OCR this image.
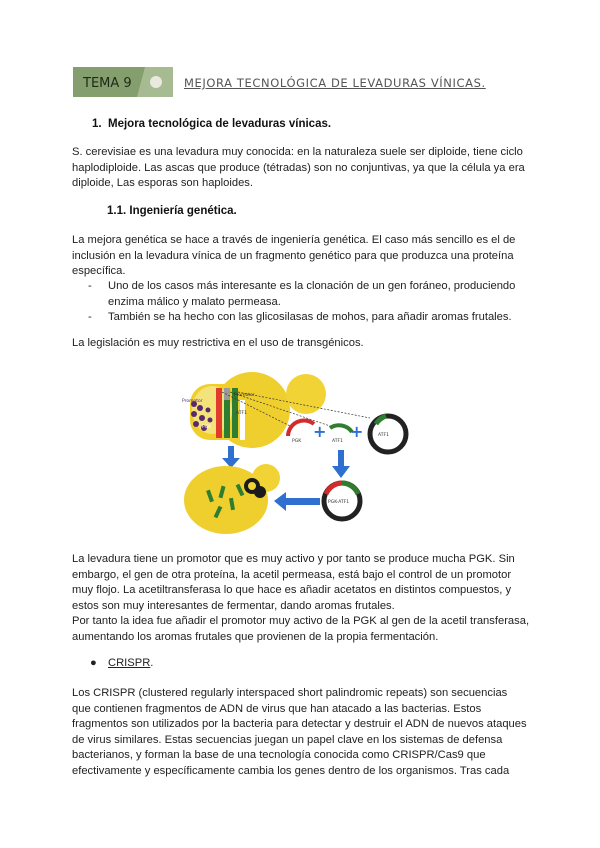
TEMA 9	MEJORA TECNOLÓGICA DE LEVADURAS VÍNICAS.
1. Mejora tecnológica de levaduras vínicas.

S. cerevisiae es una levadura muy conocida: en la naturaleza suele ser diploide, tiene ciclo
haplodiploide. Las ascas que produce (tétradas) son no conjuntivas, ya que la célula ya era
diploide, Las esporas son haploides.

1.1. Ingeniería genética.

La mejora genética se hace a través de ingeniería genética. El caso más sencillo es el de
inclusión en la levadura vínica de un fragmento genético para que produzca una proteína
específica.

- Uno de los casos más interesante es la clonación de un gen foráneo, produciendo
enzima málico y malato permeasa.
- También se ha hecho con las glicosilasas de mohos, para añadir aromas frutales.

La legislación es muy restrictiva en el uso de transgénicos.

Promotor
Promotor
PGK
ATF1
+ +
PGK	ATF1
ATF1
PGK-ATF1

La levadura tiene un promotor que es muy activo y por tanto se produce mucha PGK. Sin
embargo, el gen de otra proteína, la acetil permeasa, está bajo el control de un promotor
muy flojo. La acetiltransferasa lo que hace es añadir acetatos en distintos compuestos, y
estos son muy interesantes de fermentar, dando aromas frutales.
Por tanto la idea fue añadir el promotor muy activo de la PGK al gen de la acetil transferasa,
aumentando los aromas frutales que provienen de la propia fermentación.

● CRISPR.

Los CRISPR (clustered regularly interspaced short palindromic repeats) son secuencias
que contienen fragmentos de ADN de virus que han atacado a las bacterias. Estos
fragmentos son utilizados por la bacteria para detectar y destruir el ADN de nuevos ataques
de virus similares. Estas secuencias juegan un papel clave en los sistemas de defensa
bacterianos, y forman la base de una tecnología conocida como CRISPR/Cas9 que
efectivamente y específicamente cambia los genes dentro de los organismos. Tras cada
